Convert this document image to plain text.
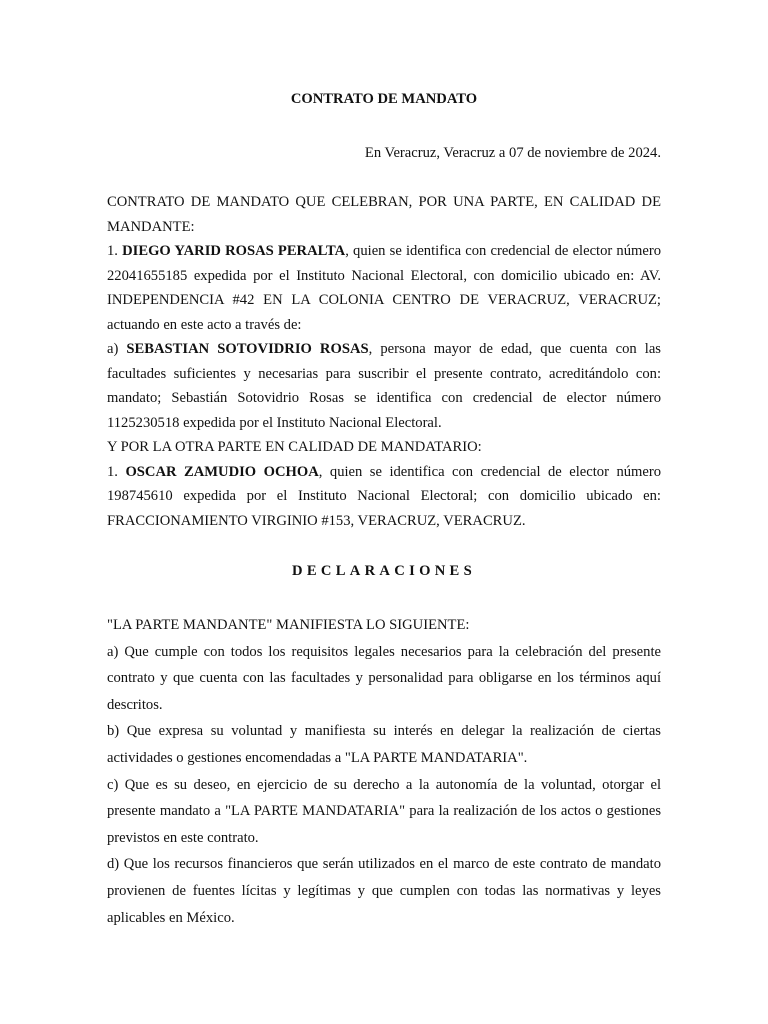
CONTRATO DE MANDATO
En Veracruz, Veracruz a 07 de noviembre de 2024.

CONTRATO DE MANDATO QUE CELEBRAN, POR UNA PARTE, EN CALIDAD DE MANDANTE:

1. DIEGO YARID ROSAS PERALTA, quien se identifica con credencial de elector número 22041655185 expedida por el Instituto Nacional Electoral, con domicilio ubicado en: AV. INDEPENDENCIA #42 EN LA COLONIA CENTRO DE VERACRUZ, VERACRUZ; actuando en este acto a través de:

a) SEBASTIAN SOTOVIDRIO ROSAS, persona mayor de edad, que cuenta con las facultades suficientes y necesarias para suscribir el presente contrato, acreditándolo con: mandato; Sebastián Sotovidrio Rosas se identifica con credencial de elector número 1125230518 expedida por el Instituto Nacional Electoral.

Y POR LA OTRA PARTE EN CALIDAD DE MANDATARIO:

1. OSCAR ZAMUDIO OCHOA, quien se identifica con credencial de elector número 198745610 expedida por el Instituto Nacional Electoral; con domicilio ubicado en: FRACCIONAMIENTO VIRGINIO #153, VERACRUZ, VERACRUZ.

DECLARACIONES

"LA PARTE MANDANTE" MANIFIESTA LO SIGUIENTE:

a) Que cumple con todos los requisitos legales necesarios para la celebración del presente contrato y que cuenta con las facultades y personalidad para obligarse en los términos aquí descritos.

b) Que expresa su voluntad y manifiesta su interés en delegar la realización de ciertas actividades o gestiones encomendadas a "LA PARTE MANDATARIA".

c) Que es su deseo, en ejercicio de su derecho a la autonomía de la voluntad, otorgar el presente mandato a "LA PARTE MANDATARIA" para la realización de los actos o gestiones previstos en este contrato.

d) Que los recursos financieros que serán utilizados en el marco de este contrato de mandato provienen de fuentes lícitas y legítimas y que cumplen con todas las normativas y leyes aplicables en México.
